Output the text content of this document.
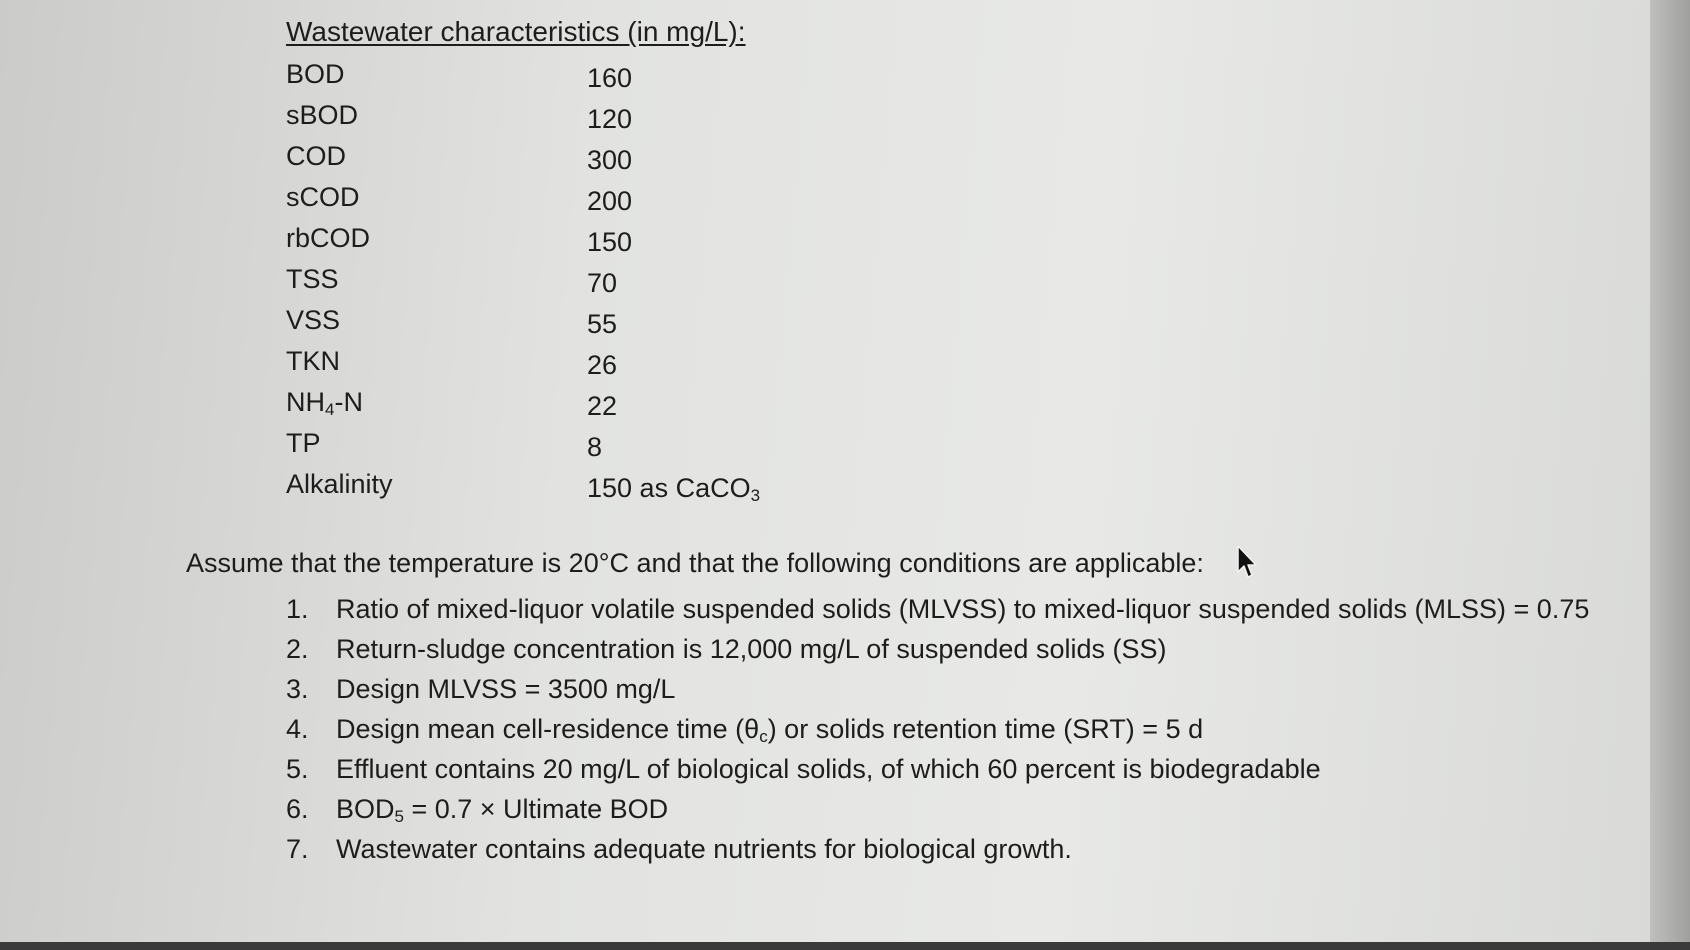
Wastewater characteristics (in mg/L):
BOD	160
sBOD	120
COD	300
sCOD	200
rbCOD	150
TSS	70
VSS	55
TKN	26
$NH_4-N$	22
TP	8
Alkalinity	150 as CaCO$_3$
Assume that the temperature is 20°C and that the following conditions are applicable:
1. Ratio of mixed-liquor volatile suspended solids (MLVSS) to mixed-liquor suspended solids (MLSS) = 0.75
2. Return-sludge concentration is 12,000 mg/L of suspended solids (SS)
3. Design MLVSS = 3500 mg/L
4. Design mean cell-residence time $(\theta_c)$ or solids retention time (SRT) = 5 d
5. Effluent contains 20 mg/L of biological solids, of which 60 percent is biodegradable
6. $BOD_5 = 0.7$ × Ultimate BOD
7. Wastewater contains adequate nutrients for biological growth.
